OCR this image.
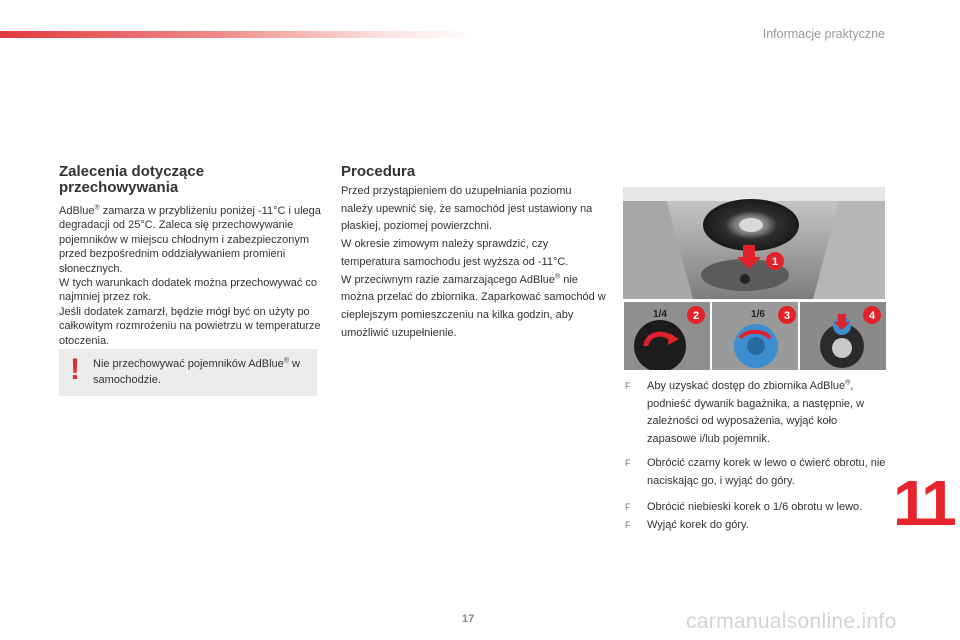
Informacje praktyczne
Zalecenia dotyczące przechowywania

AdBlue® zamarza w przybliżeniu poniżej -11°C i ulega degradacji od 25°C. Zaleca się przechowywanie pojemników w miejscu chłodnym i zabezpieczonym przed bezpośrednim oddziaływaniem promieni słonecznych.

W tych warunkach dodatek można przechowywać co najmniej przez rok.

Jeśli dodatek zamarzł, będzie mógł być on użyty po całkowitym rozmrożeniu na powietrzu w temperaturze otoczenia.

! Nie przechowywać pojemników AdBlue® w samochodzie.
Procedura

Przed przystąpieniem do uzupełniania poziomu należy upewnić się, że samochód jest ustawiony na płaskiej, poziomej powierzchni.

W okresie zimowym należy sprawdzić, czy temperatura samochodu jest wyższa od -11°C.

W przeciwnym razie zamarzającego AdBlue® nie można przelać do zbiornika. Zaparkować samochód w cieplejszym pomieszczeniu na kilka godzin, aby umożliwić uzupełnienie.

1
1/4 2	1/6 3	4
F Aby uzyskać dostęp do zbiornika AdBlue®, podnieść dywanik bagażnika, a następnie, w zależności od wyposażenia, wyjąć koło zapasowe i/lub pojemnik.
F Obrócić czarny korek w lewo o ćwierć obrotu, nie naciskając go, i wyjąć do góry.
F Obrócić niebieski korek o 1/6 obrotu w lewo.
F Wyjąć korek do góry.	11
17	carmanualsonline.info
